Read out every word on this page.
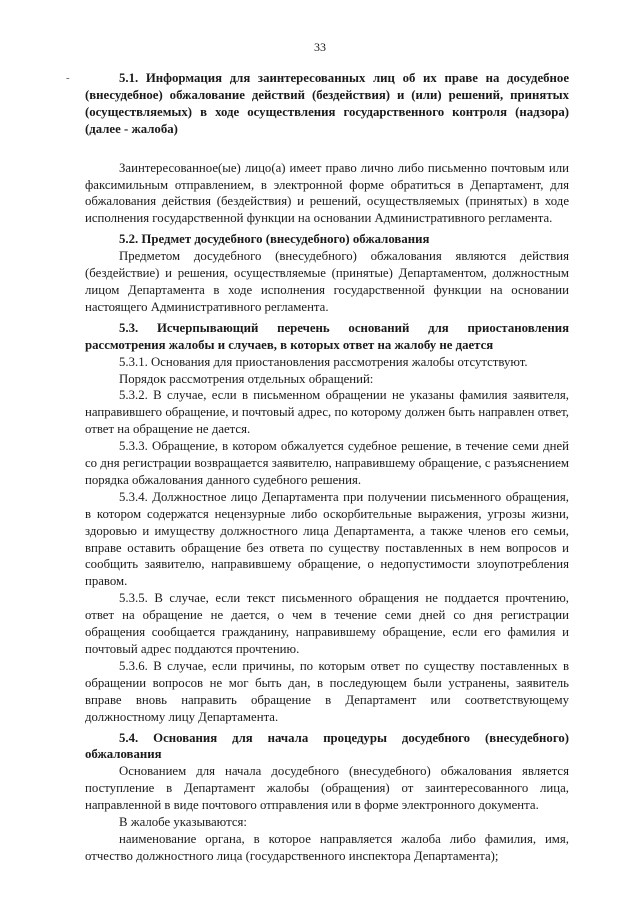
33
-	5.1. Информация для заинтересованных лиц об их праве на досудебное (внесудебное) обжалование действий (бездействия) и (или) решений, принятых (осуществляемых) в ходе осуществления государственного контроля (надзора) (далее - жалоба)

Заинтересованное(ые) лицо(а) имеет право лично либо письменно почтовым или факсимильным отправлением, в электронной форме обратиться в Департамент, для обжалования действия (бездействия) и решений, осуществляемых (принятых) в ходе исполнения государственной функции на основании Административного регламента.

5.2. Предмет досудебного (внесудебного) обжалования

Предметом досудебного (внесудебного) обжалования являются действия (бездействие) и решения, осуществляемые (принятые) Департаментом, должностным лицом Департамента в ходе исполнения государственной функции на основании настоящего Административного регламента.

5.3. Исчерпывающий перечень оснований для приостановления рассмотрения жалобы и случаев, в которых ответ на жалобу не дается

5.3.1. Основания для приостановления рассмотрения жалобы отсутствуют.

Порядок рассмотрения отдельных обращений:

5.3.2. В случае, если в письменном обращении не указаны фамилия заявителя, направившего обращение, и почтовый адрес, по которому должен быть направлен ответ, ответ на обращение не дается.

5.3.3. Обращение, в котором обжалуется судебное решение, в течение семи дней со дня регистрации возвращается заявителю, направившему обращение, с разъяснением порядка обжалования данного судебного решения.

5.3.4. Должностное лицо Департамента при получении письменного обращения, в котором содержатся нецензурные либо оскорбительные выражения, угрозы жизни, здоровью и имуществу должностного лица Департамента, а также членов его семьи, вправе оставить обращение без ответа по существу поставленных в нем вопросов и сообщить заявителю, направившему обращение, о недопустимости злоупотребления правом.

5.3.5. В случае, если текст письменного обращения не поддается прочтению, ответ на обращение не дается, о чем в течение семи дней со дня регистрации обращения сообщается гражданину, направившему обращение, если его фамилия и почтовый адрес поддаются прочтению.

5.3.6. В случае, если причины, по которым ответ по существу поставленных в обращении вопросов не мог быть дан, в последующем были устранены, заявитель вправе вновь направить обращение в Департамент или соответствующему должностному лицу Департамента.

5.4. Основания для начала процедуры досудебного (внесудебного) обжалования

Основанием для начала досудебного (внесудебного) обжалования является поступление в Департамент жалобы (обращения) от заинтересованного лица, направленной в виде почтового отправления или в форме электронного документа.

В жалобе указываются:

наименование органа, в которое направляется жалоба либо фамилия, имя, отчество должностного лица (государственного инспектора Департамента);
